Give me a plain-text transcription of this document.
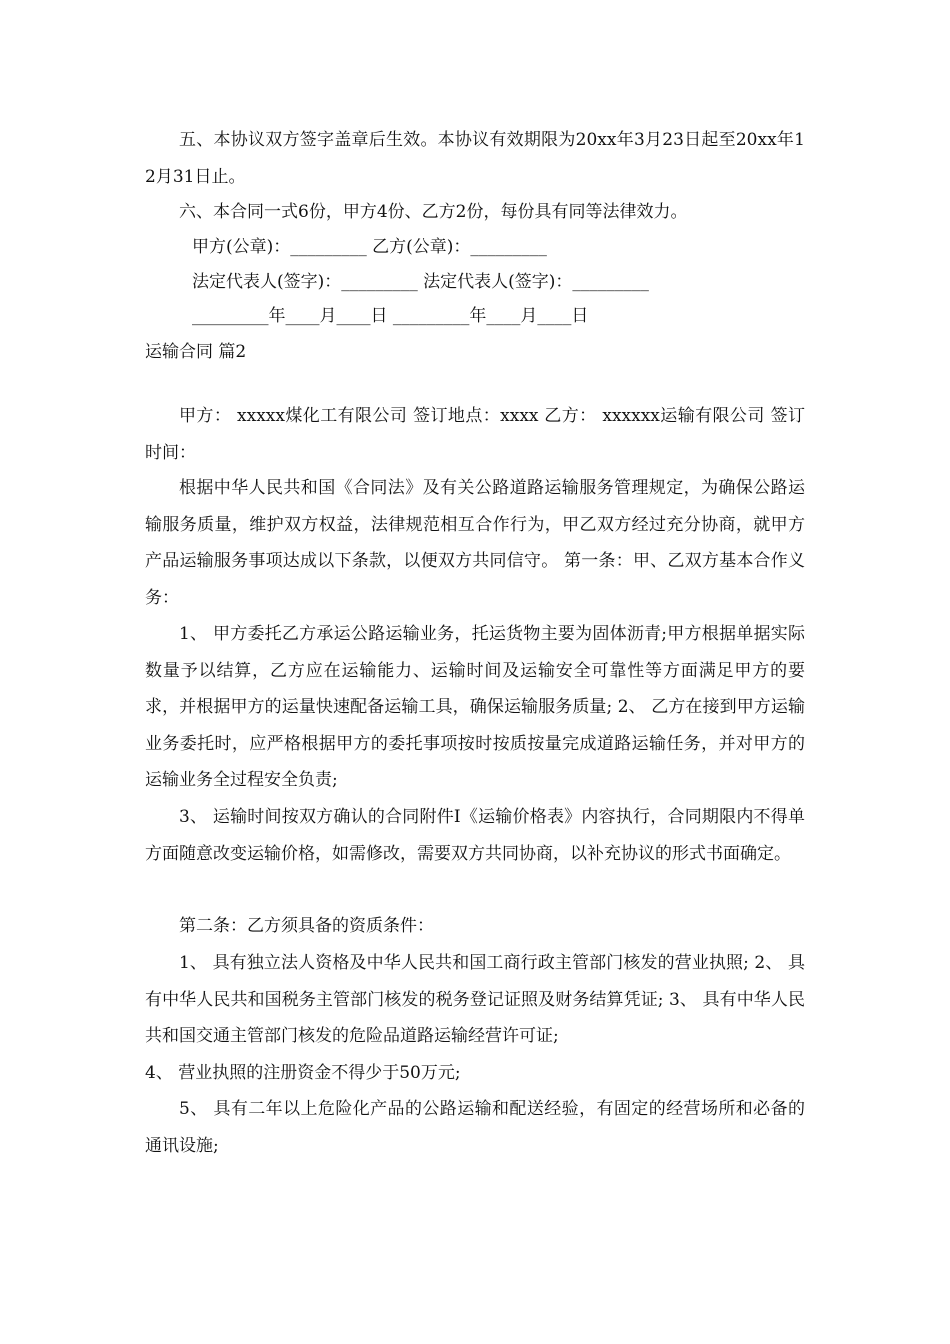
五、本协议双方签字盖章后生效。本协议有效期限为20xx年3月23日起至20xx年12月31日止。

六、本合同一式6份，甲方4份、乙方2份，每份具有同等法律效力。

甲方(公章)：_________ 乙方(公章)：_________

法定代表人(签字)：_________ 法定代表人(签字)：_________

_________年____月____日 _________年____月____日

运输合同 篇2

甲方： xxxxx煤化工有限公司 签订地点：xxxx 乙方： xxxxxx运输有限公司 签订时间：

根据中华人民共和国《合同法》及有关公路道路运输服务管理规定，为确保公路运输服务质量，维护双方权益，法律规范相互合作行为，甲乙双方经过充分协商，就甲方产品运输服务事项达成以下条款，以便双方共同信守。 第一条：甲、乙双方基本合作义务：

1、 甲方委托乙方承运公路运输业务，托运货物主要为固体沥青;甲方根据单据实际数量予以结算，乙方应在运输能力、运输时间及运输安全可靠性等方面满足甲方的要求，并根据甲方的运量快速配备运输工具，确保运输服务质量; 2、 乙方在接到甲方运输业务委托时，应严格根据甲方的委托事项按时按质按量完成道路运输任务，并对甲方的运输业务全过程安全负责;

3、 运输时间按双方确认的合同附件I《运输价格表》内容执行，合同期限内不得单方面随意改变运输价格，如需修改，需要双方共同协商，以补充协议的形式书面确定。

第二条：乙方须具备的资质条件：

1、 具有独立法人资格及中华人民共和国工商行政主管部门核发的营业执照; 2、 具有中华人民共和国税务主管部门核发的税务登记证照及财务结算凭证; 3、 具有中华人民共和国交通主管部门核发的危险品道路运输经营许可证;

4、 营业执照的注册资金不得少于50万元;

5、 具有二年以上危险化产品的公路运输和配送经验，有固定的经营场所和必备的通讯设施;
